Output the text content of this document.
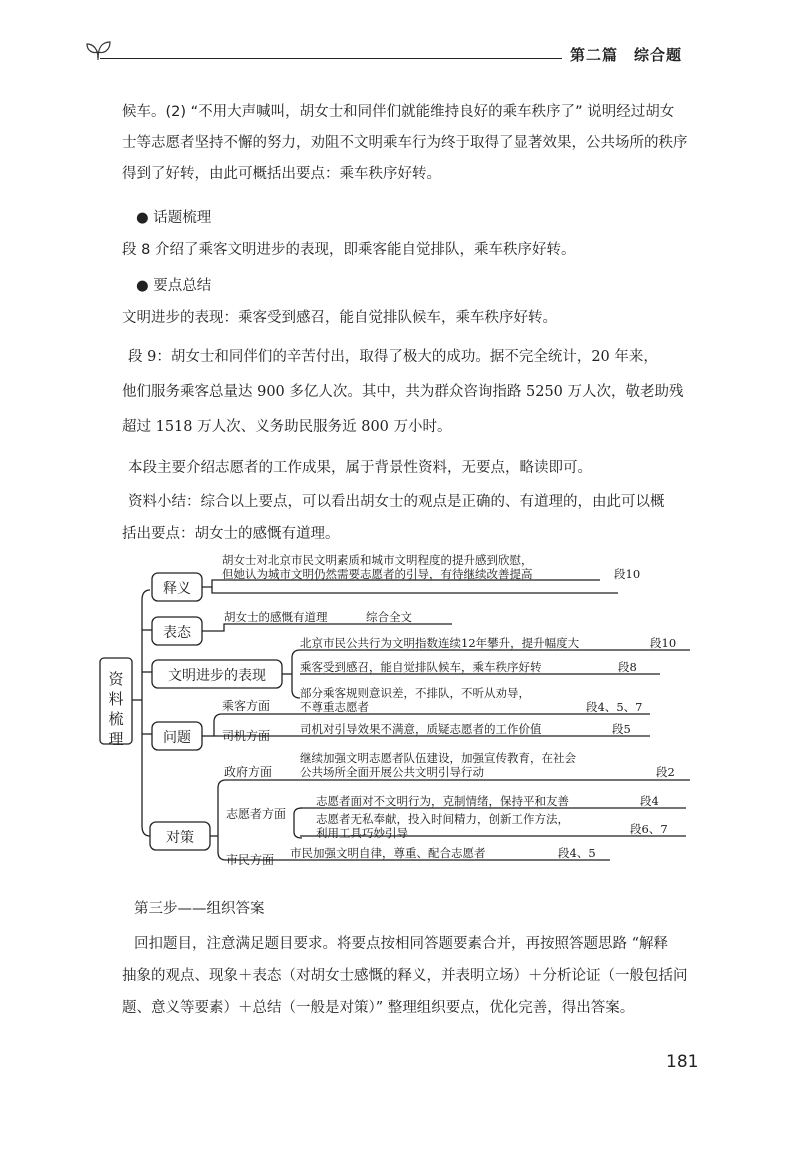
第二篇 综合题
候车。(2) “不用大声喊叫，胡女士和同伴们就能维持良好的乘车秩序了” 说明经过胡女
士等志愿者坚持不懈的努力，劝阻不文明乘车行为终于取得了显著效果，公共场所的秩序
得到了好转，由此可概括出要点：乘车秩序好转。
● 话题梳理
段 8 介绍了乘客文明进步的表现，即乘客能自觉排队，乘车秩序好转。
● 要点总结
文明进步的表现：乘客受到感召，能自觉排队候车，乘车秩序好转。
段 9：胡女士和同伴们的辛苦付出，取得了极大的成功。据不完全统计，20 年来，
他们服务乘客总量达 900 多亿人次。其中，共为群众咨询指路 5250 万人次，敬老助残
超过 1518 万人次、义务助民服务近 800 万小时。
本段主要介绍志愿者的工作成果，属于背景性资料，无要点，略读即可。
资料小结：综合以上要点，可以看出胡女士的观点是正确的、有道理的，由此可以概
括出要点：胡女士的感慨有道理。
资
料
梳
理
释义
表态
文明进步的表现
问题
对策
乘客方面
司机方面
政府方面
志愿者方面
市民方面
胡女士对北京市民文明素质和城市文明程度的提升感到欣慰，
但她认为城市文明仍然需要志愿者的引导，有待继续改善提高	段10
胡女士的感慨有道理	综合全文
北京市民公共行为文明指数连续12年攀升，提升幅度大	段10
乘客受到感召，能自觉排队候车，乘车秩序好转	段8
部分乘客规则意识差，不排队，不听从劝导，
不尊重志愿者	段4、5、7
司机对引导效果不满意，质疑志愿者的工作价值	段5
继续加强文明志愿者队伍建设，加强宣传教育，在社会
公共场所全面开展公共文明引导行动	段2
志愿者面对不文明行为，克制情绪，保持平和友善	段4
志愿者无私奉献，投入时间精力，创新工作方法，
利用工具巧妙引导	段6、7
市民加强文明自律，尊重、配合志愿者	段4、5
第三步——组织答案
回扣题目，注意满足题目要求。将要点按相同答题要素合并，再按照答题思路 “解释
抽象的观点、现象＋表态（对胡女士感慨的释义，并表明立场）＋分析论证（一般包括问
题、意义等要素）＋总结（一般是对策）” 整理组织要点，优化完善，得出答案。
181
